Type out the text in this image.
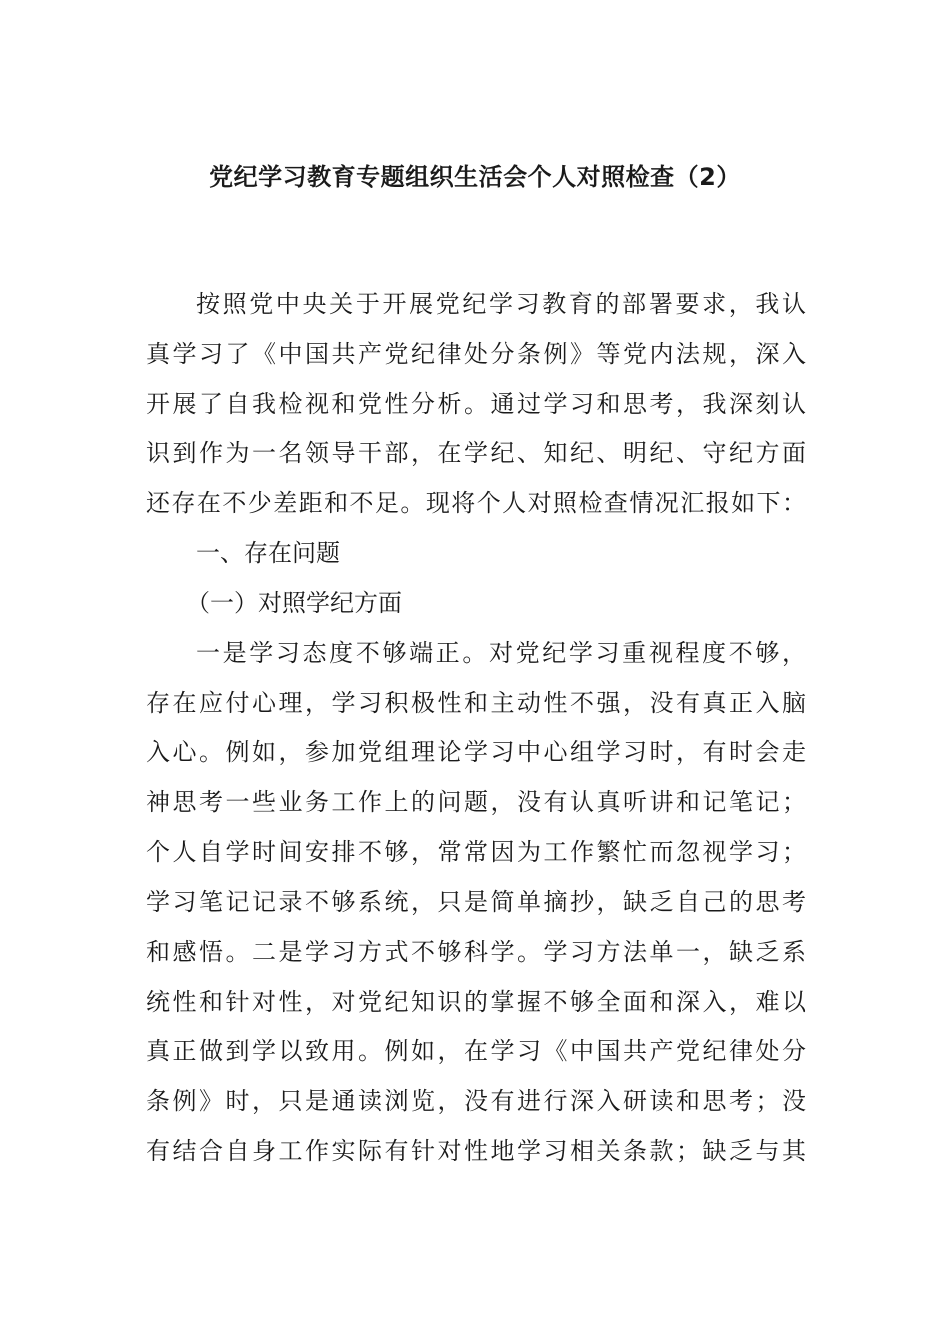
党纪学习教育专题组织生活会个人对照检查（2）

按照党中央关于开展党纪学习教育的部署要求，我认

真学习了《中国共产党纪律处分条例》等党内法规，深入

开展了自我检视和党性分析。通过学习和思考，我深刻认

识到作为一名领导干部，在学纪、知纪、明纪、守纪方面

还存在不少差距和不足。现将个人对照检查情况汇报如下：

一、存在问题

（一）对照学纪方面

一是学习态度不够端正。对党纪学习重视程度不够，

存在应付心理，学习积极性和主动性不强，没有真正入脑

入心。例如，参加党组理论学习中心组学习时，有时会走

神思考一些业务工作上的问题，没有认真听讲和记笔记；

个人自学时间安排不够，常常因为工作繁忙而忽视学习；

学习笔记记录不够系统，只是简单摘抄，缺乏自己的思考

和感悟。二是学习方式不够科学。学习方法单一，缺乏系

统性和针对性，对党纪知识的掌握不够全面和深入，难以

真正做到学以致用。例如，在学习《中国共产党纪律处分

条例》时，只是通读浏览，没有进行深入研读和思考；没

有结合自身工作实际有针对性地学习相关条款；缺乏与其
